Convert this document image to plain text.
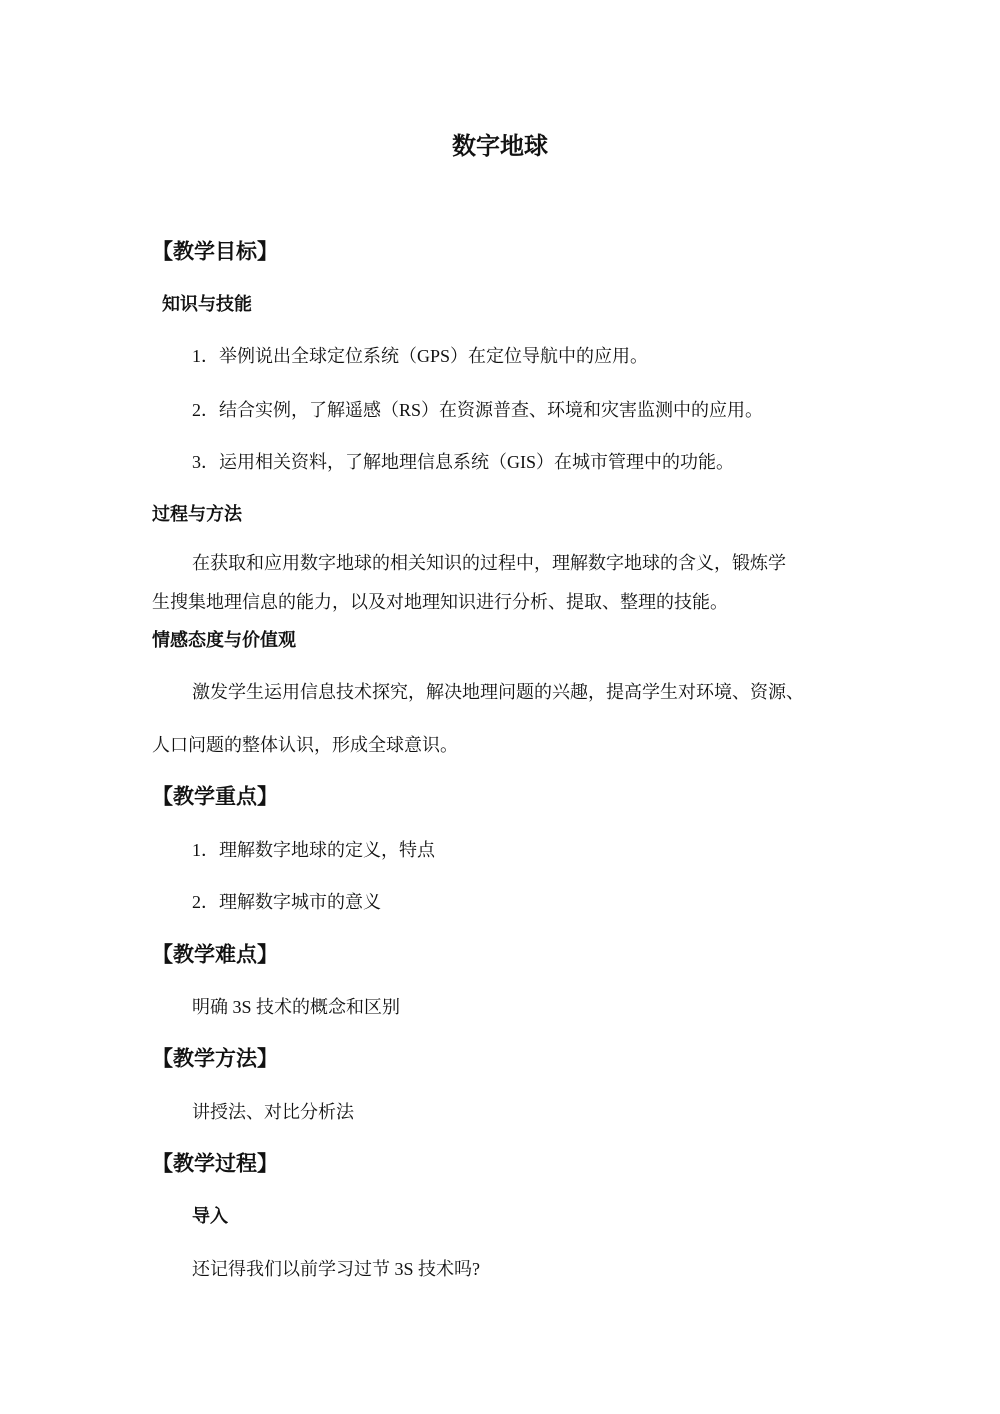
数字地球
【教学目标】
知识与技能
1．举例说出全球定位系统（GPS）在定位导航中的应用。
2．结合实例，了解遥感（RS）在资源普查、环境和灾害监测中的应用。
3．运用相关资料，了解地理信息系统（GIS）在城市管理中的功能。
过程与方法
在获取和应用数字地球的相关知识的过程中，理解数字地球的含义，锻炼学
生搜集地理信息的能力，以及对地理知识进行分析、提取、整理的技能。
情感态度与价值观
激发学生运用信息技术探究，解决地理问题的兴趣，提高学生对环境、资源、
人口问题的整体认识，形成全球意识。
【教学重点】
1．理解数字地球的定义，特点
2．理解数字城市的意义
【教学难点】
明确 3S 技术的概念和区别
【教学方法】
讲授法、对比分析法
【教学过程】
导入
还记得我们以前学习过节 3S 技术吗?
